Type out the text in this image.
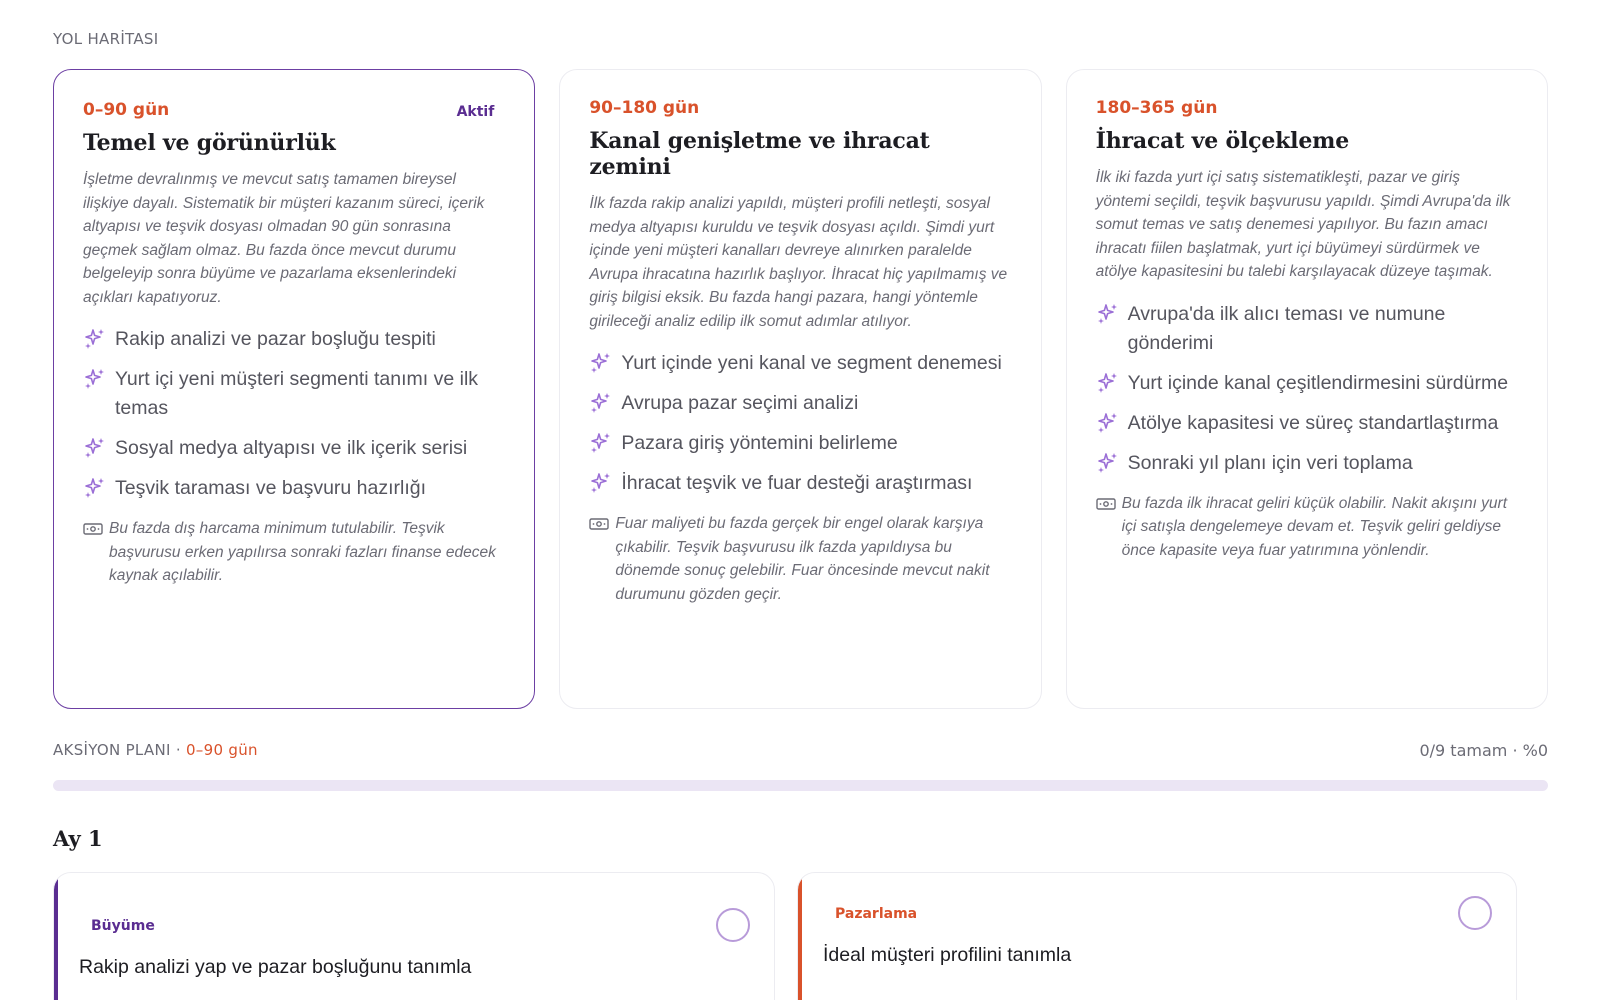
YOL HARİTASI
0–90 gün	Aktif
Temel ve görünürlük
İşletme devralınmış ve mevcut satış tamamen bireysel ilişkiye dayalı. Sistematik bir müşteri kazanım süreci, içerik altyapısı ve teşvik dosyası olmadan 90 gün sonrasına geçmek sağlam olmaz. Bu fazda önce mevcut durumu belgeleyip sonra büyüme ve pazarlama eksenlerindeki açıkları kapatıyoruz.
Rakip analizi ve pazar boşluğu tespiti
Yurt içi yeni müşteri segmenti tanımı ve ilk temas
Sosyal medya altyapısı ve ilk içerik serisi
Teşvik taraması ve başvuru hazırlığı
Bu fazda dış harcama minimum tutulabilir. Teşvik başvurusu erken yapılırsa sonraki fazları finanse edecek kaynak açılabilir.
90–180 gün
Kanal genişletme ve ihracat zemini
İlk fazda rakip analizi yapıldı, müşteri profili netleşti, sosyal medya altyapısı kuruldu ve teşvik dosyası açıldı. Şimdi yurt içinde yeni müşteri kanalları devreye alınırken paralelde Avrupa ihracatına hazırlık başlıyor. İhracat hiç yapılmamış ve giriş bilgisi eksik. Bu fazda hangi pazara, hangi yöntemle girileceği analiz edilip ilk somut adımlar atılıyor.
Yurt içinde yeni kanal ve segment denemesi
Avrupa pazar seçimi analizi
Pazara giriş yöntemini belirleme
İhracat teşvik ve fuar desteği araştırması
Fuar maliyeti bu fazda gerçek bir engel olarak karşıya çıkabilir. Teşvik başvurusu ilk fazda yapıldıysa bu dönemde sonuç gelebilir. Fuar öncesinde mevcut nakit durumunu gözden geçir.
180–365 gün
İhracat ve ölçekleme
İlk iki fazda yurt içi satış sistematikleşti, pazar ve giriş yöntemi seçildi, teşvik başvurusu yapıldı. Şimdi Avrupa'da ilk somut temas ve satış denemesi yapılıyor. Bu fazın amacı ihracatı fiilen başlatmak, yurt içi büyümeyi sürdürmek ve atölye kapasitesini bu talebi karşılayacak düzeye taşımak.
Avrupa'da ilk alıcı teması ve numune gönderimi
Yurt içinde kanal çeşitlendirmesini sürdürme
Atölye kapasitesi ve süreç standartlaştırma
Sonraki yıl planı için veri toplama
Bu fazda ilk ihracat geliri küçük olabilir. Nakit akışını yurt içi satışla dengelemeye devam et. Teşvik geliri geldiyse önce kapasite veya fuar yatırımına yönlendir.
AKSİYON PLANI · 0–90 gün	0/9 tamam · %0
Ay 1
Büyüme
Rakip analizi yap ve pazar boşluğunu tanımla
Pazarlama
İdeal müşteri profilini tanımla
